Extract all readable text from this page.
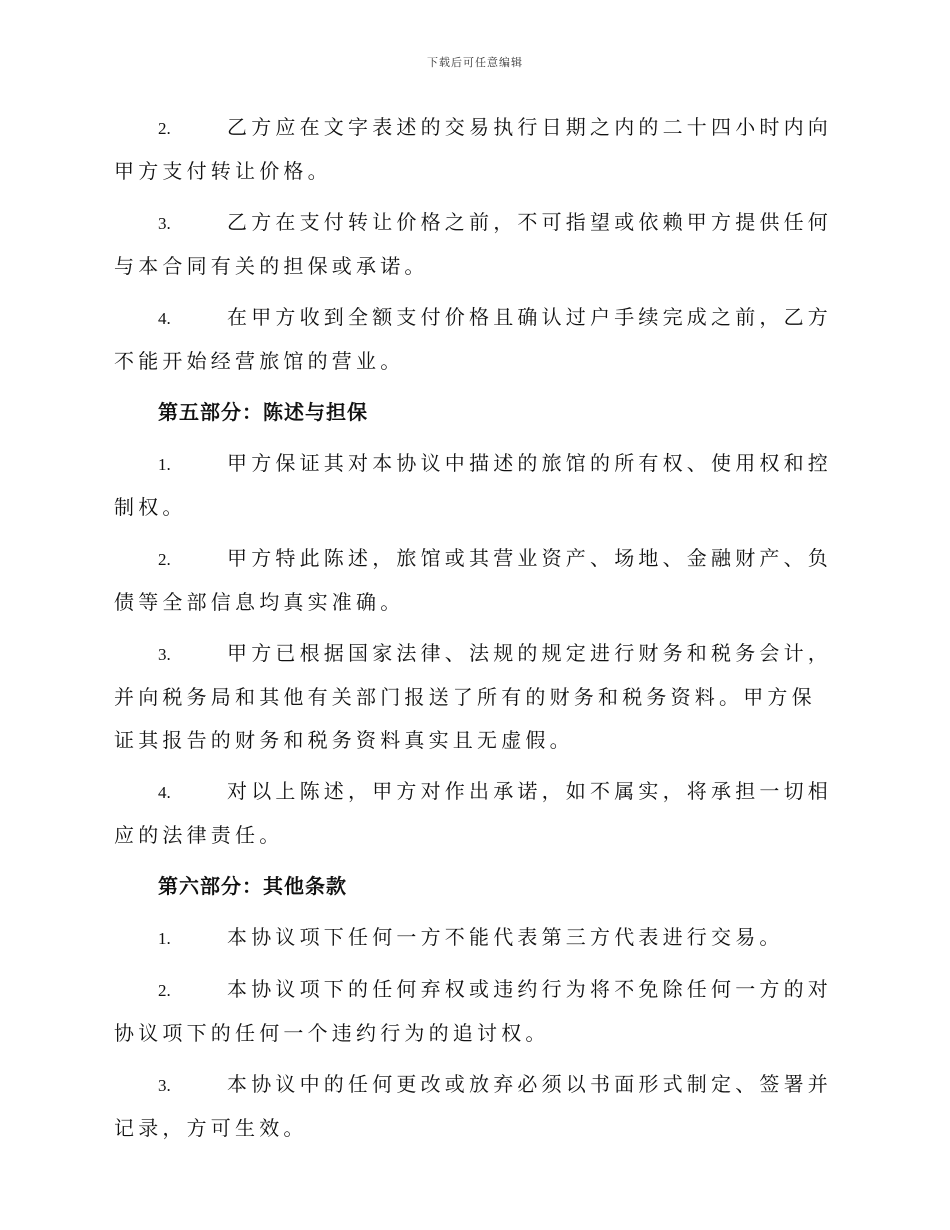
下载后可任意编辑

2.	乙方应在文字表述的交易执行日期之内的二十四小时内向甲方支付转让价格。

3.	乙方在支付转让价格之前，不可指望或依赖甲方提供任何与本合同有关的担保或承诺。

4.	在甲方收到全额支付价格且确认过户手续完成之前，乙方不能开始经营旅馆的营业。

第五部分：陈述与担保

1.	甲方保证其对本协议中描述的旅馆的所有权、使用权和控制权。

2.	甲方特此陈述，旅馆或其营业资产、场地、金融财产、负债等全部信息均真实准确。

3.	甲方已根据国家法律、法规的规定进行财务和税务会计，并向税务局和其他有关部门报送了所有的财务和税务资料。甲方保证其报告的财务和税务资料真实且无虚假。

4.	对以上陈述，甲方对作出承诺，如不属实，将承担一切相应的法律责任。

第六部分：其他条款

1.	本协议项下任何一方不能代表第三方代表进行交易。

2.	本协议项下的任何弃权或违约行为将不免除任何一方的对协议项下的任何一个违约行为的追讨权。

3.	本协议中的任何更改或放弃必须以书面形式制定、签署并记录，方可生效。
